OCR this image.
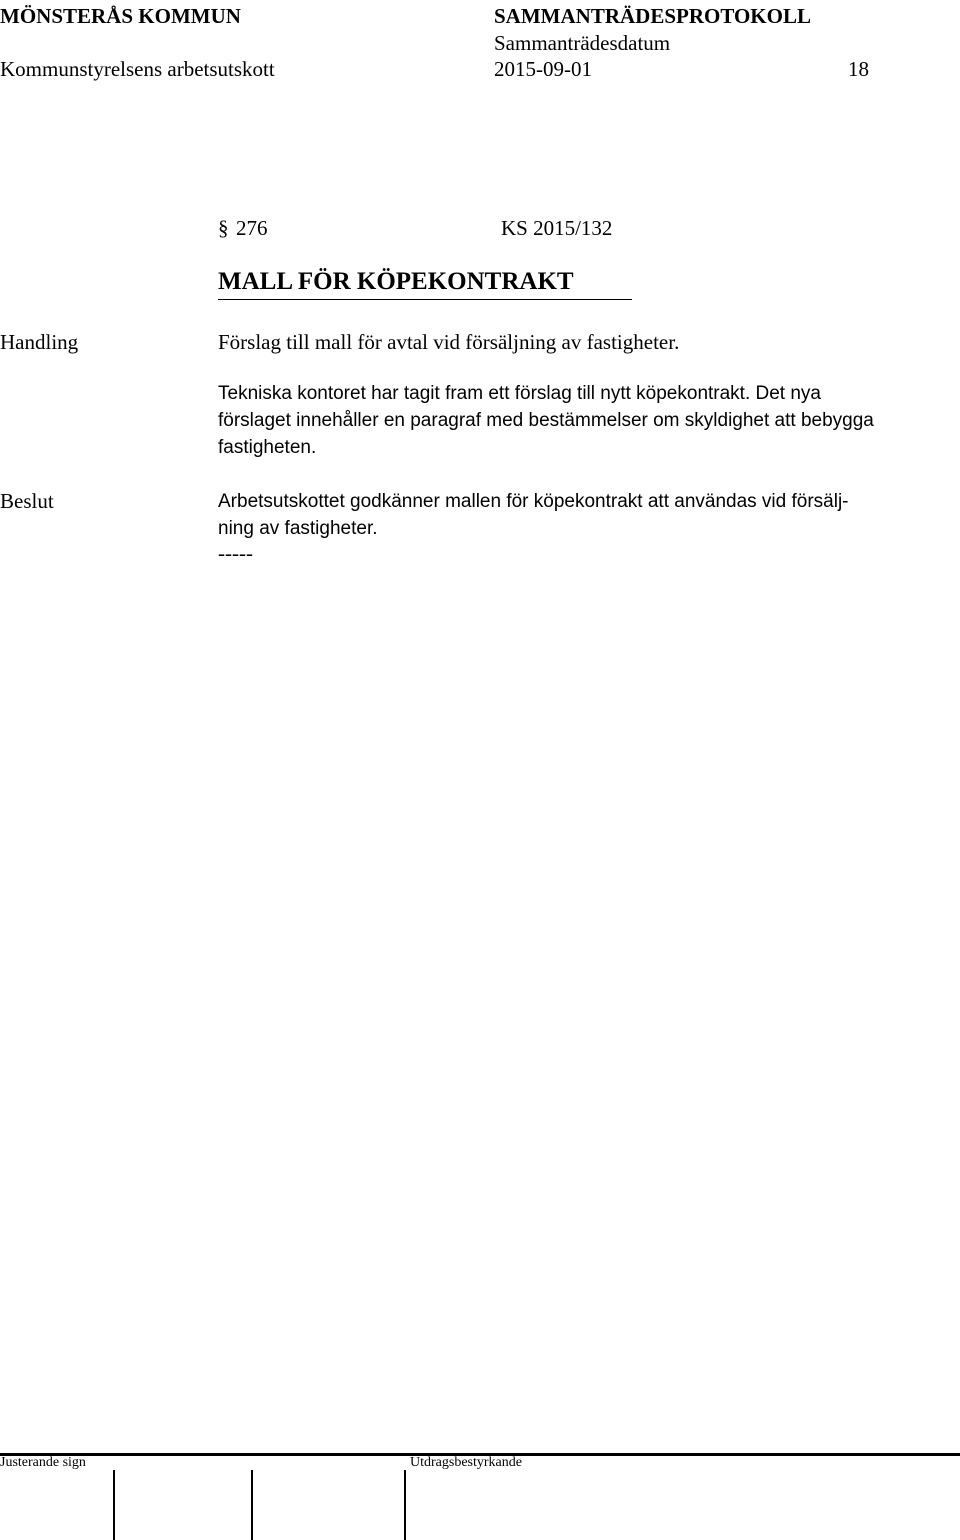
MÖNSTERÅS KOMMUN	SAMMANTRÄDESPROTOKOLL
Sammanträdesdatum
Kommunstyrelsens arbetsutskott	2015-09-01	18
§ 276	KS 2015/132
MALL FÖR KÖPEKONTRAKT
Handling	Förslag till mall för avtal vid försäljning av fastigheter.
Tekniska kontoret har tagit fram ett förslag till nytt köpekontrakt. Det nya
förslaget innehåller en paragraf med bestämmelser om skyldighet att bebygga
fastigheten.
Beslut	Arbetsutskottet godkänner mallen för köpekontrakt att användas vid försälj-
ning av fastigheter.
-----
Justerande sign	Utdragsbestyrkande
